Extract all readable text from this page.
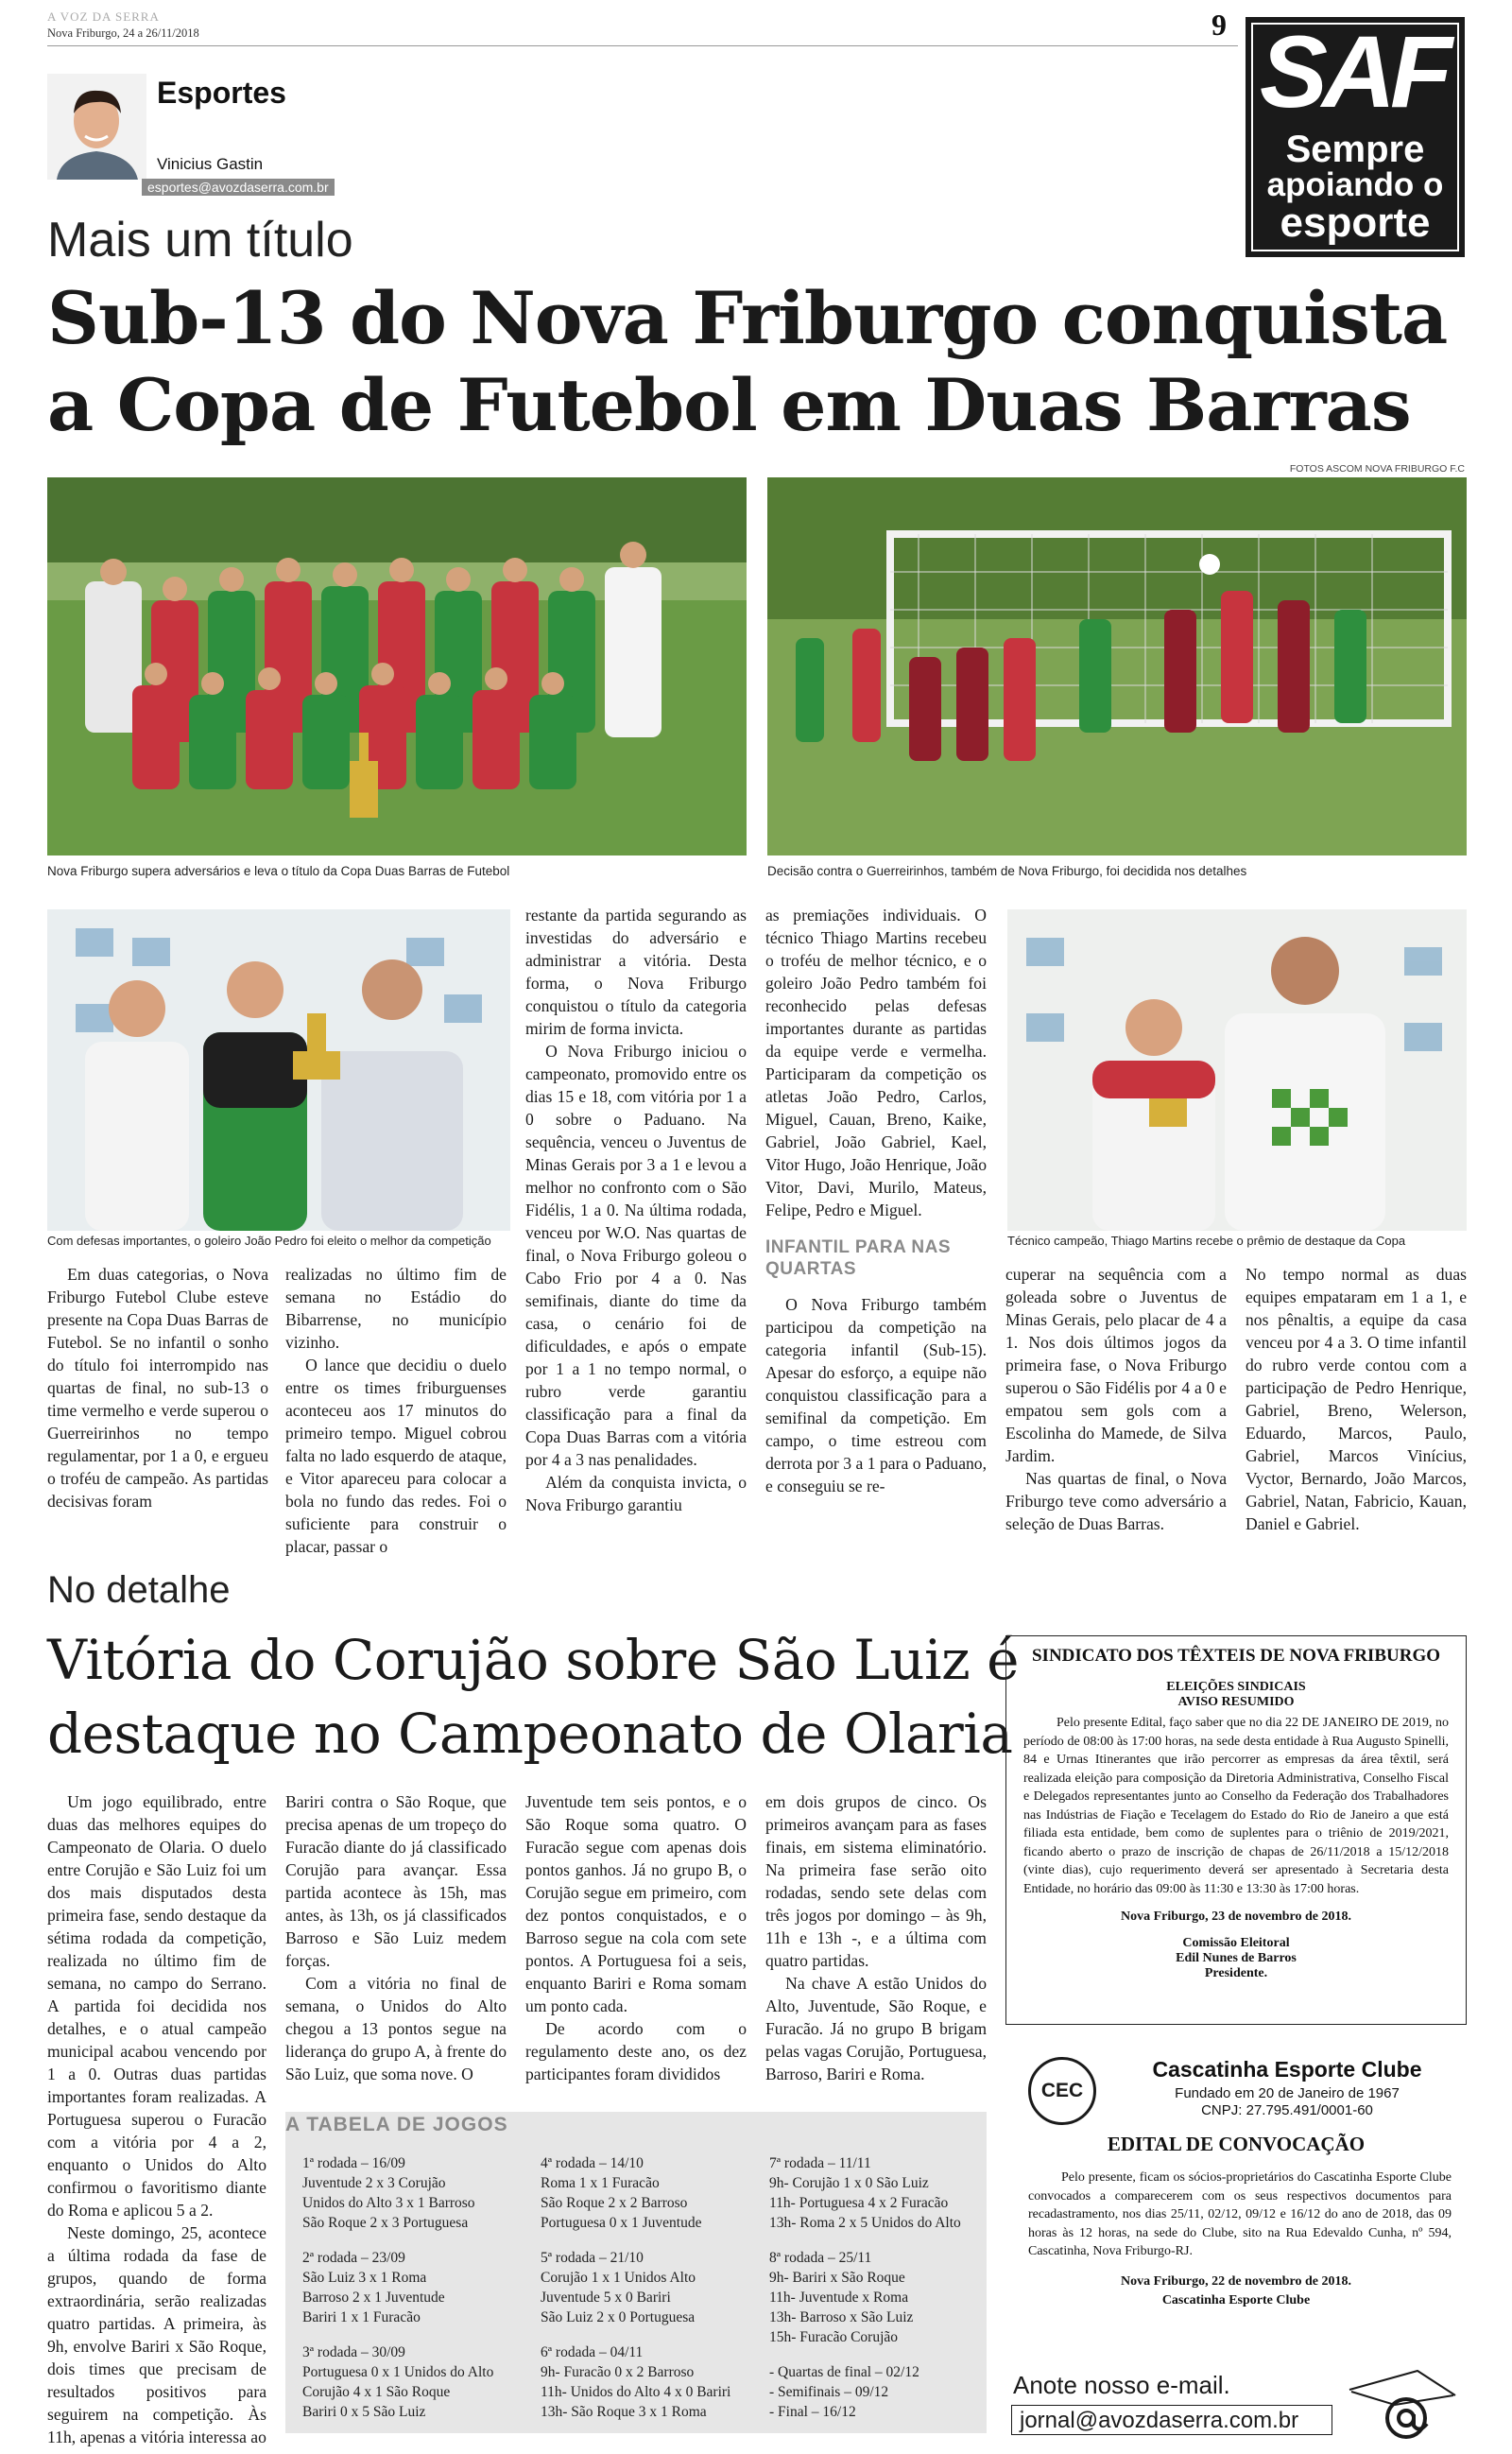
A VOZ DA SERRA
Nova Friburgo, 24 a 26/11/2018	9
Esportes
Vinicius Gastin
esportes@avozdaserra.com.br
SAF
Sempre
apoiando o
esporte
Mais um título
Sub-13 do Nova Friburgo conquista
a Copa de Futebol em Duas Barras
FOTOS ASCOM NOVA FRIBURGO F.C
Nova Friburgo supera adversários e leva o título da Copa Duas Barras de Futebol	Decisão contra o Guerreirinhos, também de Nova Friburgo, foi decidida nos detalhes
Com defesas importantes, o goleiro João Pedro foi eleito o melhor da competição	Técnico campeão, Thiago Martins recebe o prêmio de destaque da Copa
Em duas categorias, o Nova Friburgo Futebol Clube esteve presente na Copa Duas Barras de Futebol. Se no infantil o sonho do título foi interrompido nas quartas de final, no sub-13 o time vermelho e verde superou o Guerreirinhos no tempo regulamentar, por 1 a 0, e ergueu o troféu de campeão. As partidas decisivas foram

realizadas no último fim de semana no Estádio do Bibarrense, no município vizinho.

O lance que decidiu o duelo entre os times friburguenses aconteceu aos 17 minutos do primeiro tempo. Miguel cobrou falta no lado esquerdo de ataque, e Vitor apareceu para colocar a bola no fundo das redes. Foi o suficiente para construir o placar, passar o

restante da partida segurando as investidas do adversário e administrar a vitória. Desta forma, o Nova Friburgo conquistou o título da categoria mirim de forma invicta.

O Nova Friburgo iniciou o campeonato, promovido entre os dias 15 e 18, com vitória por 1 a 0 sobre o Paduano. Na sequência, venceu o Juventus de Minas Gerais por 3 a 1 e levou a melhor no confronto com o São Fidélis, 1 a 0. Na última rodada, venceu por W.O. Nas quartas de final, o Nova Friburgo goleou o Cabo Frio por 4 a 0. Nas semifinais, diante do time da casa, o cenário foi de dificuldades, e após o empate por 1 a 1 no tempo normal, o rubro verde garantiu classificação para a final da Copa Duas Barras com a vitória por 4 a 3 nas penalidades.

Além da conquista invicta, o Nova Friburgo garantiu

as premiações individuais. O técnico Thiago Martins recebeu o troféu de melhor técnico, e o goleiro João Pedro também foi reconhecido pelas defesas importantes durante as partidas da equipe verde e vermelha. Participaram da competição os atletas João Pedro, Carlos, Miguel, Cauan, Breno, Kaike, Gabriel, João Gabriel, Kael, Vitor Hugo, João Henrique, João Vitor, Davi, Murilo, Mateus, Felipe, Pedro e Miguel.

INFANTIL PARA NAS QUARTAS

O Nova Friburgo também participou da competição na categoria infantil (Sub-15). Apesar do esforço, a equipe não conquistou classificação para a semifinal da competição. Em campo, o time estreou com derrota por 3 a 1 para o Paduano, e conseguiu se re-

cuperar na sequência com a goleada sobre o Juventus de Minas Gerais, pelo placar de 4 a 1. Nos dois últimos jogos da primeira fase, o Nova Friburgo superou o São Fidélis por 4 a 0 e empatou sem gols com a Escolinha do Mamede, de Silva Jardim.

Nas quartas de final, o Nova Friburgo teve como adversário a seleção de Duas Barras.

No tempo normal as duas equipes empataram em 1 a 1, e nos pênaltis, a equipe da casa venceu por 4 a 3. O time infantil do rubro verde contou com a participação de Pedro Henrique, Gabriel, Breno, Welerson, Eduardo, Marcos, Paulo, Gabriel, Marcos Vinícius, Vyctor, Bernardo, João Marcos, Gabriel, Natan, Fabricio, Kauan, Daniel e Gabriel.
No detalhe
Vitória do Corujão sobre São Luiz é
destaque no Campeonato de Olaria

Um jogo equilibrado, entre duas das melhores equipes do Campeonato de Olaria. O duelo entre Corujão e São Luiz foi um dos mais disputados desta primeira fase, sendo destaque da sétima rodada da competição, realizada no último fim de semana, no campo do Serrano. A partida foi decidida nos detalhes, e o atual campeão municipal acabou vencendo por 1 a 0. Outras duas partidas importantes foram realizadas. A Portuguesa superou o Furacão com a vitória por 4 a 2, enquanto o Unidos do Alto confirmou o favoritismo diante do Roma e aplicou 5 a 2.

Neste domingo, 25, acontece a última rodada da fase de grupos, quando de forma extraordinária, serão realizadas quatro partidas. A primeira, às 9h, envolve Bariri x São Roque, dois times que precisam de resultados positivos para seguirem na competição. Às 11h, apenas a vitória interessa ao

Bariri contra o São Roque, que precisa apenas de um tropeço do Furacão diante do já classificado Corujão para avançar. Essa partida acontece às 15h, mas antes, às 13h, os já classificados Barroso e São Luiz medem forças.

Com a vitória no final de semana, o Unidos do Alto chegou a 13 pontos segue na liderança do grupo A, à frente do São Luiz, que soma nove. O

Juventude tem seis pontos, e o São Roque soma quatro. O Furacão segue com apenas dois pontos ganhos. Já no grupo B, o Corujão segue em primeiro, com dez pontos conquistados, e o Barroso segue na cola com sete pontos. A Portuguesa foi a seis, enquanto Bariri e Roma somam um ponto cada.

De acordo com o regulamento deste ano, os dez participantes foram divididos

em dois grupos de cinco. Os primeiros avançam para as fases finais, em sistema eliminatório. Na primeira fase serão oito rodadas, sendo sete delas com três jogos por domingo – às 9h, 11h e 13h -, e a última com quatro partidas.

Na chave A estão Unidos do Alto, Juventude, São Roque, e Furacão. Já no grupo B brigam pelas vagas Corujão, Portuguesa, Barroso, Bariri e Roma.

A TABELA DE JOGOS
1ª rodada – 16/09
Juventude 2 x 3 Corujão
Unidos do Alto 3 x 1 Barroso
São Roque 2 x 3 Portuguesa
2ª rodada – 23/09
São Luiz 3 x 1 Roma
Barroso 2 x 1 Juventude
Bariri 1 x 1 Furacão
3ª rodada – 30/09
Portuguesa 0 x 1 Unidos do Alto
Corujão 4 x 1 São Roque
Bariri 0 x 5 São Luiz
4ª rodada – 14/10
Roma 1 x 1 Furacão
São Roque 2 x 2 Barroso
Portuguesa 0 x 1 Juventude
5ª rodada – 21/10
Corujão 1 x 1 Unidos Alto
Juventude 5 x 0 Bariri
São Luiz 2 x 0 Portuguesa
6ª rodada – 04/11
9h- Furacão 0 x 2 Barroso
11h- Unidos do Alto 4 x 0 Bariri
13h- São Roque 3 x 1 Roma
7ª rodada – 11/11
9h- Corujão 1 x 0 São Luiz
11h- Portuguesa 4 x 2 Furacão
13h- Roma 2 x 5 Unidos do Alto
8ª rodada – 25/11
9h- Bariri x São Roque
11h- Juventude x Roma
13h- Barroso x São Luiz
15h- Furacão Corujão
- Quartas de final – 02/12
- Semifinais – 09/12
- Final – 16/12
SINDICATO DOS TÊXTEIS DE NOVA FRIBURGO
ELEIÇÕES SINDICAIS
AVISO RESUMIDO
Pelo presente Edital, faço saber que no dia 22 DE JANEIRO DE 2019, no período de 08:00 às 17:00 horas, na sede desta entidade à Rua Augusto Spinelli, 84 e Urnas Itinerantes que irão percorrer as empresas da área têxtil, será realizada eleição para composição da Diretoria Administrativa, Conselho Fiscal e Delegados representantes junto ao Conselho da Federação dos Trabalhadores nas Indústrias de Fiação e Tecelagem do Estado do Rio de Janeiro a que está filiada esta entidade, bem como de suplentes para o triênio de 2019/2021, ficando aberto o prazo de inscrição de chapas de 26/11/2018 a 15/12/2018 (vinte dias), cujo requerimento deverá ser apresentado à Secretaria desta Entidade, no horário das 09:00 às 11:30 e 13:30 às 17:00 horas.
Nova Friburgo, 23 de novembro de 2018.
Comissão Eleitoral
Edil Nunes de Barros
Presidente.
CEC
Cascatinha Esporte Clube
Fundado em 20 de Janeiro de 1967
CNPJ: 27.795.491/0001-60
EDITAL DE CONVOCAÇÃO
Pelo presente, ficam os sócios-proprietários do Cascatinha Esporte Clube convocados a comparecerem com os seus respectivos documentos para recadastramento, nos dias 25/11, 02/12, 09/12 e 16/12 do ano de 2018, das 09 horas às 12 horas, na sede do Clube, sito na Rua Edevaldo Cunha, nº 594, Cascatinha, Nova Friburgo-RJ.
Nova Friburgo, 22 de novembro de 2018.
Cascatinha Esporte Clube
Anote nosso e-mail.
jornal@avozdaserra.com.br
